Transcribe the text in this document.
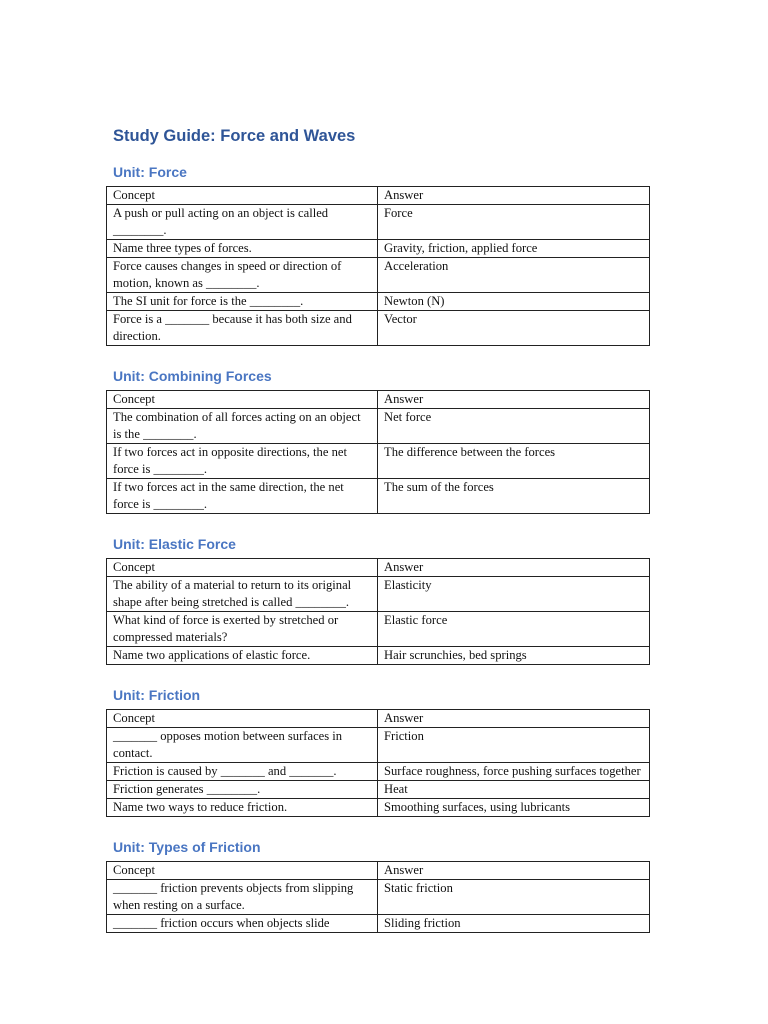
Study Guide: Force and Waves
Unit: Force
Concept	Answer
A push or pull acting on an object is called ________.	Force
Name three types of forces.	Gravity, friction, applied force
Force causes changes in speed or direction of motion, known as ________.	Acceleration
The SI unit for force is the ________.	Newton (N)
Force is a _______ because it has both size and direction.	Vector
Unit: Combining Forces
Concept	Answer
The combination of all forces acting on an object is the ________.	Net force
If two forces act in opposite directions, the net force is ________.	The difference between the forces
If two forces act in the same direction, the net force is ________.	The sum of the forces
Unit: Elastic Force
Concept	Answer
The ability of a material to return to its original shape after being stretched is called ________.	Elasticity
What kind of force is exerted by stretched or compressed materials?	Elastic force
Name two applications of elastic force.	Hair scrunchies, bed springs
Unit: Friction
Concept	Answer
_______ opposes motion between surfaces in contact.	Friction
Friction is caused by _______ and _______.	Surface roughness, force pushing surfaces together
Friction generates ________.	Heat
Name two ways to reduce friction.	Smoothing surfaces, using lubricants
Unit: Types of Friction
Concept	Answer
_______ friction prevents objects from slipping when resting on a surface.	Static friction
_______ friction occurs when objects slide	Sliding friction
